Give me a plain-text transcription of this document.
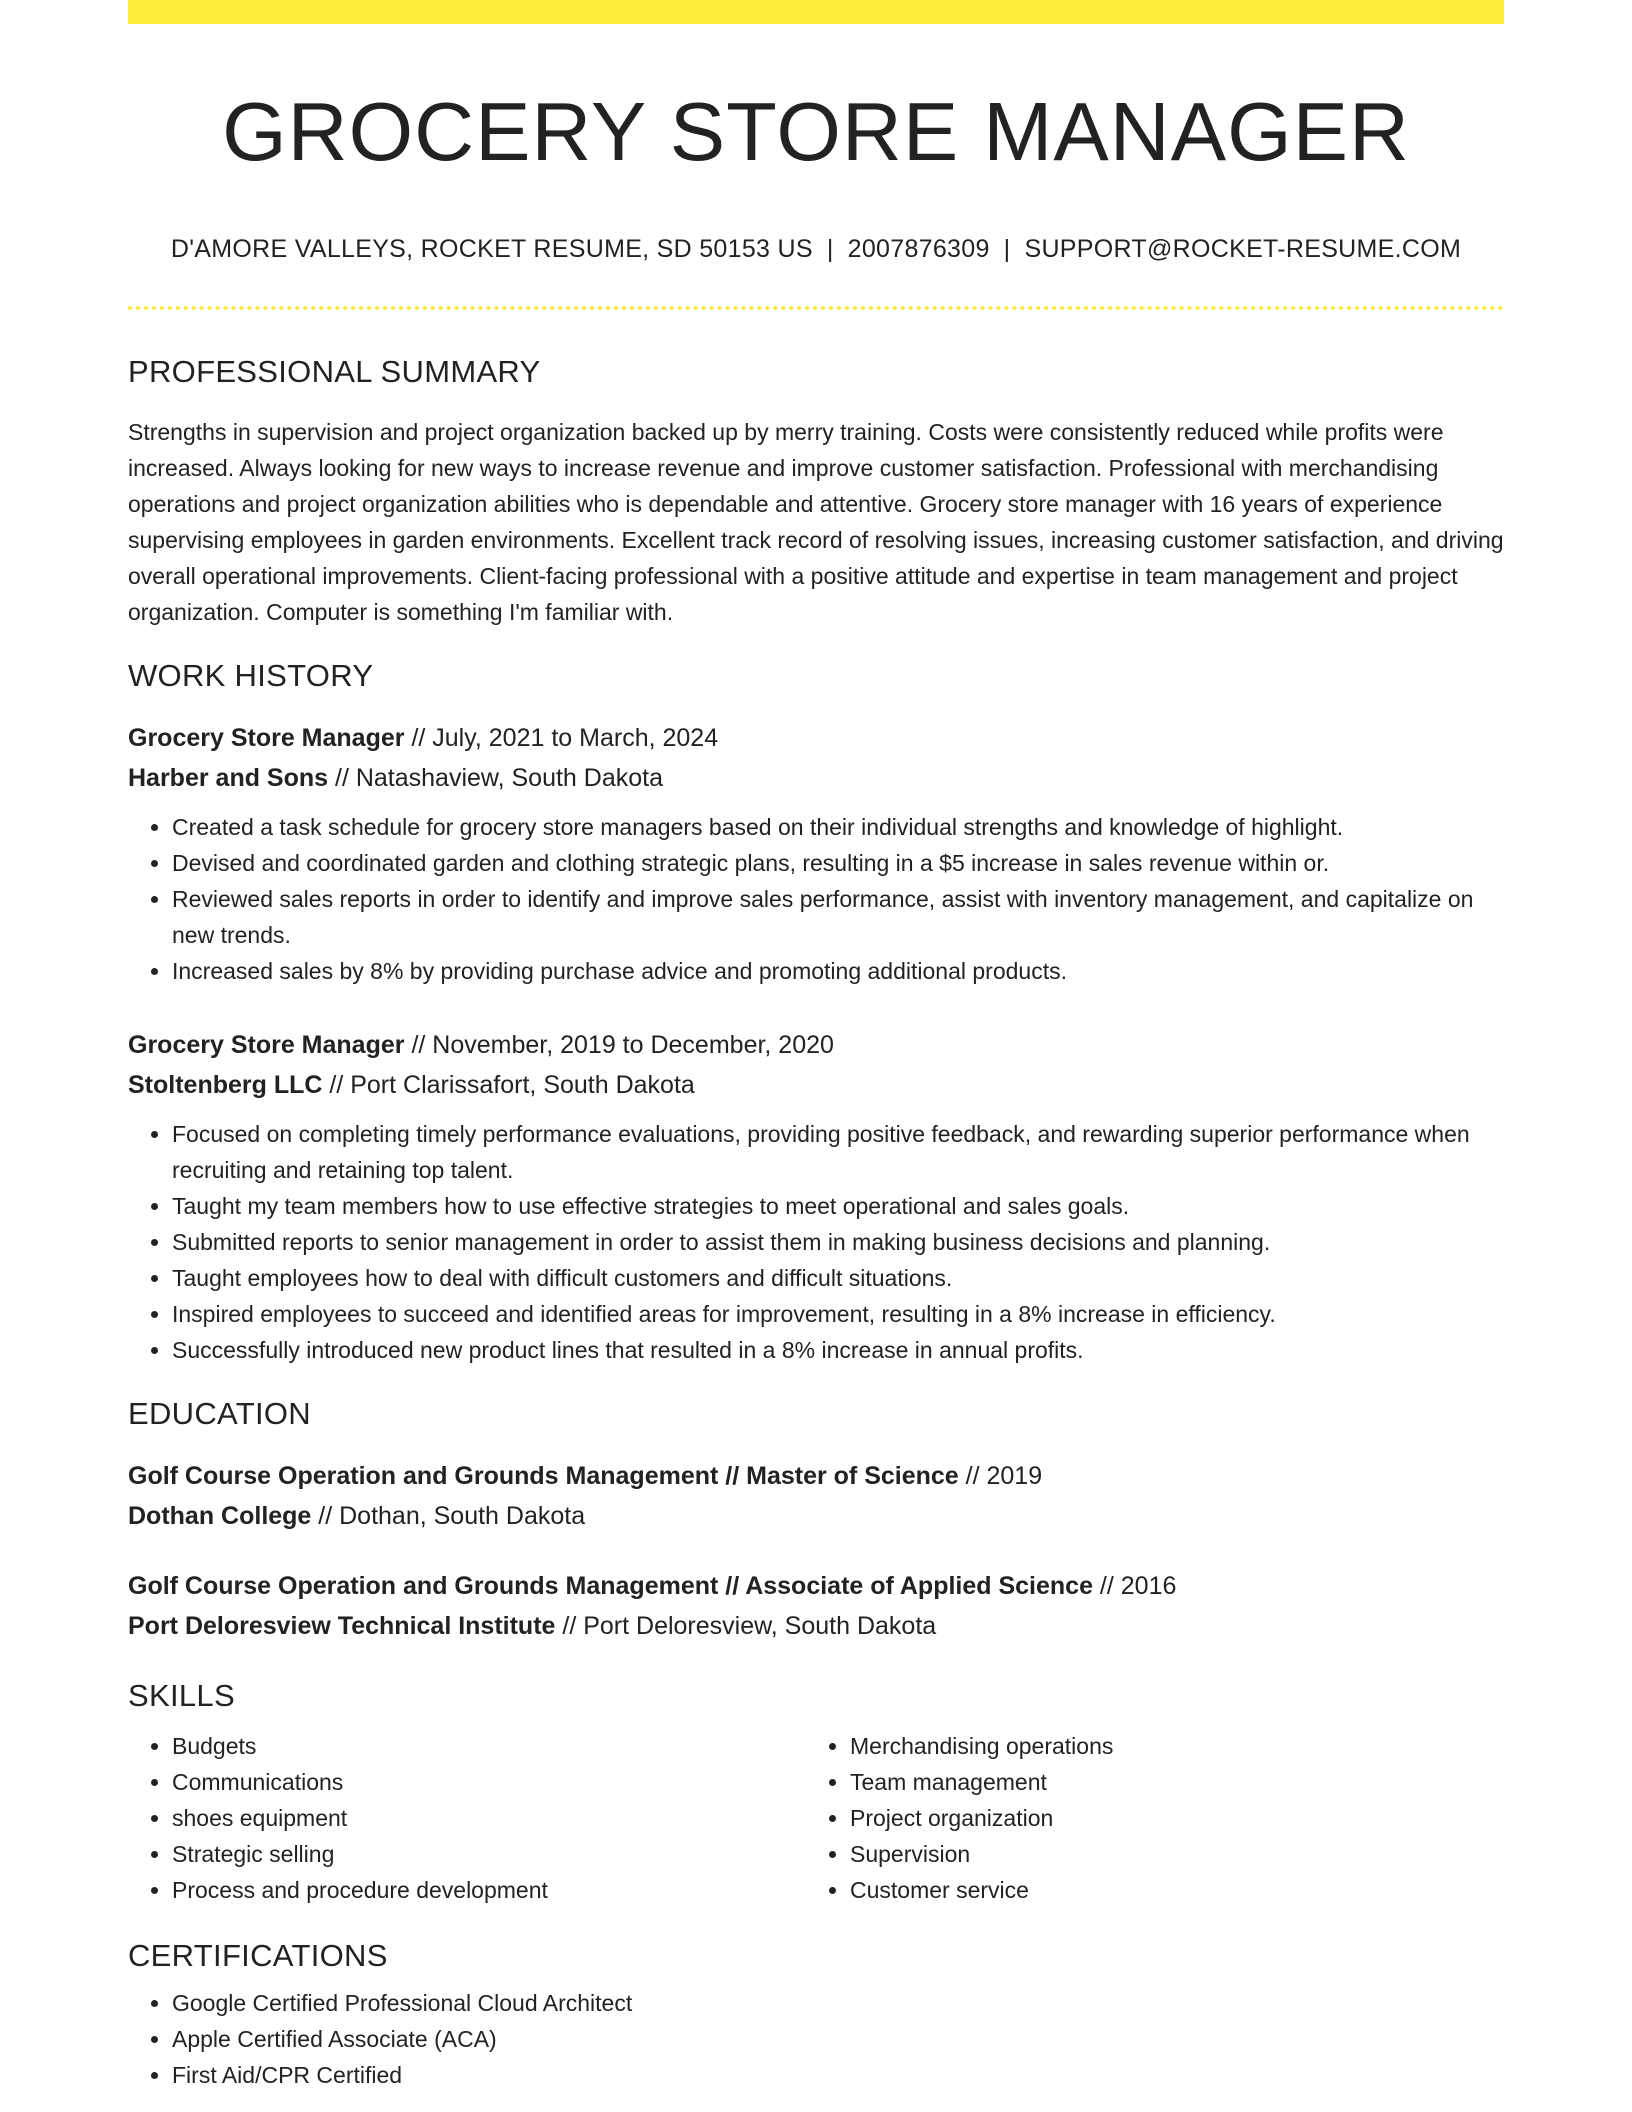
GROCERY STORE MANAGER
D'AMORE VALLEYS, ROCKET RESUME, SD 50153 US | 2007876309 | SUPPORT@ROCKET-RESUME.COM
PROFESSIONAL SUMMARY
Strengths in supervision and project organization backed up by merry training. Costs were consistently reduced while profits were increased. Always looking for new ways to increase revenue and improve customer satisfaction. Professional with merchandising operations and project organization abilities who is dependable and attentive. Grocery store manager with 16 years of experience supervising employees in garden environments. Excellent track record of resolving issues, increasing customer satisfaction, and driving overall operational improvements. Client-facing professional with a positive attitude and expertise in team management and project organization. Computer is something I'm familiar with.
WORK HISTORY
Grocery Store Manager // July, 2021 to March, 2024
Harber and Sons // Natashaview, South Dakota
• Created a task schedule for grocery store managers based on their individual strengths and knowledge of highlight.
• Devised and coordinated garden and clothing strategic plans, resulting in a $5 increase in sales revenue within or.
• Reviewed sales reports in order to identify and improve sales performance, assist with inventory management, and capitalize on new trends.
• Increased sales by 8% by providing purchase advice and promoting additional products.
Grocery Store Manager // November, 2019 to December, 2020
Stoltenberg LLC // Port Clarissafort, South Dakota
• Focused on completing timely performance evaluations, providing positive feedback, and rewarding superior performance when recruiting and retaining top talent.
• Taught my team members how to use effective strategies to meet operational and sales goals.
• Submitted reports to senior management in order to assist them in making business decisions and planning.
• Taught employees how to deal with difficult customers and difficult situations.
• Inspired employees to succeed and identified areas for improvement, resulting in a 8% increase in efficiency.
• Successfully introduced new product lines that resulted in a 8% increase in annual profits.
EDUCATION
Golf Course Operation and Grounds Management // Master of Science // 2019
Dothan College // Dothan, South Dakota
Golf Course Operation and Grounds Management // Associate of Applied Science // 2016
Port Deloresview Technical Institute // Port Deloresview, South Dakota
SKILLS
• Budgets
• Communications
• shoes equipment
• Strategic selling
• Process and procedure development
• Merchandising operations
• Team management
• Project organization
• Supervision
• Customer service
CERTIFICATIONS
• Google Certified Professional Cloud Architect
• Apple Certified Associate (ACA)
• First Aid/CPR Certified
